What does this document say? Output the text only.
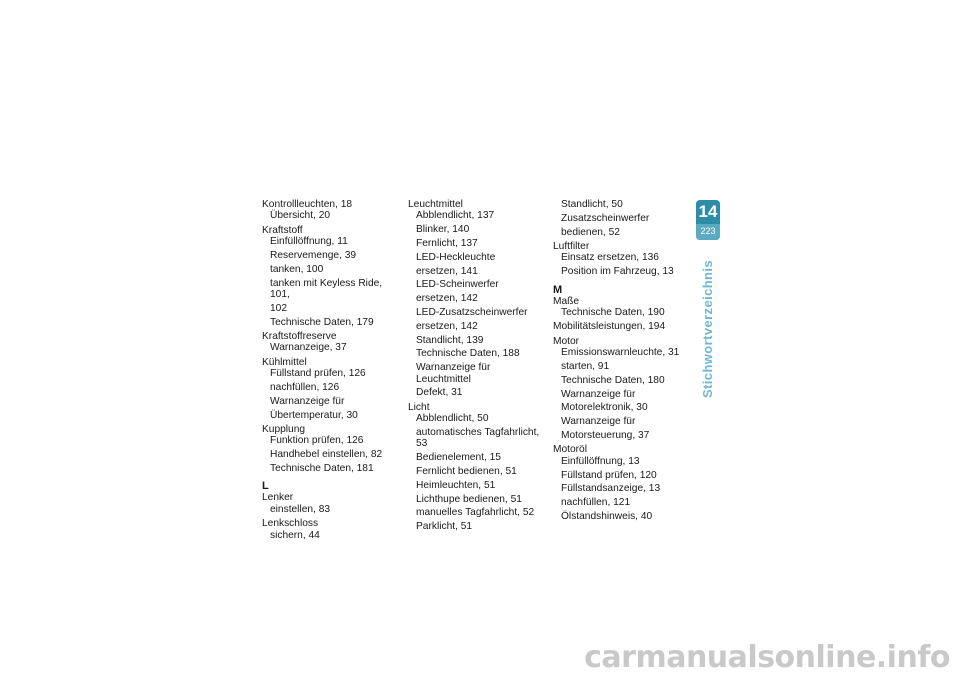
Kontrollleuchten, 18
Übersicht, 20
Kraftstoff
Einfüllöffnung, 11
Reservemenge, 39
tanken, 100
tanken mit Keyless Ride, 101,
102
Technische Daten, 179
Kraftstoffreserve
Warnanzeige, 37
Kühlmittel
Füllstand prüfen, 126
nachfüllen, 126
Warnanzeige für
Übertemperatur, 30
Kupplung
Funktion prüfen, 126
Handhebel einstellen, 82
Technische Daten, 181
L
Lenker
einstellen, 83
Lenkschloss
sichern, 44
Leuchtmittel
Abblendlicht, 137
Blinker, 140
Fernlicht, 137
LED-Heckleuchte
ersetzen, 141
LED-Scheinwerfer
ersetzen, 142
LED-Zusatzscheinwerfer
ersetzen, 142
Standlicht, 139
Technische Daten, 188
Warnanzeige für Leuchtmittel
Defekt, 31
Licht
Abblendlicht, 50
automatisches Tagfahrlicht, 53
Bedienelement, 15
Fernlicht bedienen, 51
Heimleuchten, 51
Lichthupe bedienen, 51
manuelles Tagfahrlicht, 52
Parklicht, 51
Standlicht, 50
Zusatzscheinwerfer
bedienen, 52
Luftfilter
Einsatz ersetzen, 136
Position im Fahrzeug, 13
M
Maße
Technische Daten, 190
Mobilitätsleistungen, 194
Motor
Emissionswarnleuchte, 31
starten, 91
Technische Daten, 180
Warnanzeige für
Motorelektronik, 30
Warnanzeige für
Motorsteuerung, 37
Motoröl
Einfüllöffnung, 13
Füllstand prüfen, 120
Füllstandsanzeige, 13
nachfüllen, 121
Ölstandshinweis, 40
14
223
Stichwortverzeichnis
carmanualsonline.info
